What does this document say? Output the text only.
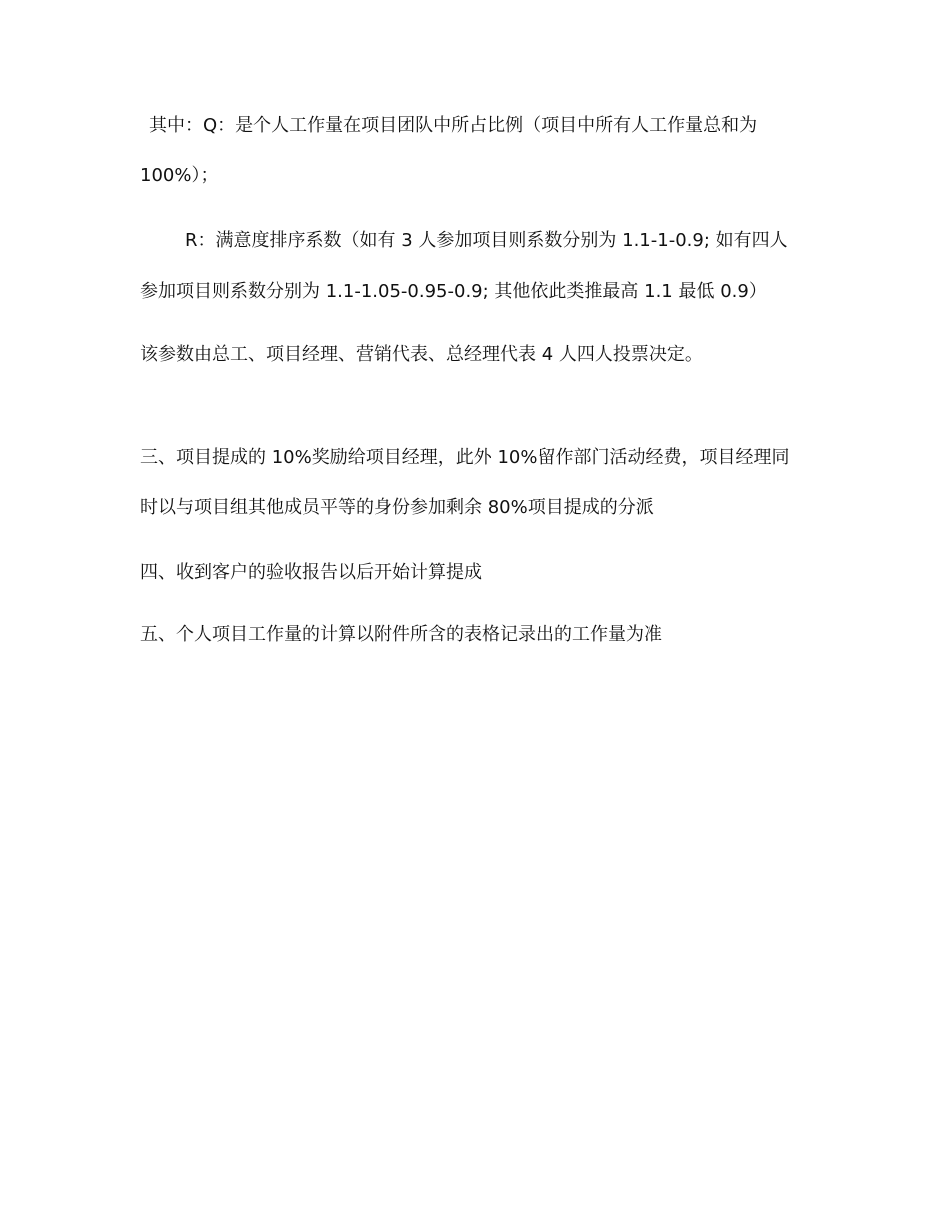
其中：Q：是个人工作量在项目团队中所占比例（项目中所有人工作量总和为
100%）；
R：满意度排序系数（如有 3 人参加项目则系数分别为 1.1-1-0.9; 如有四人
参加项目则系数分别为 1.1-1.05-0.95-0.9; 其他依此类推最高 1.1 最低 0.9）
该参数由总工、项目经理、营销代表、总经理代表 4 人四人投票决定。
三、项目提成的 10%奖励给项目经理，此外 10%留作部门活动经费，项目经理同
时以与项目组其他成员平等的身份参加剩余 80%项目提成的分派
四、收到客户的验收报告以后开始计算提成
五、个人项目工作量的计算以附件所含的表格记录出的工作量为准
